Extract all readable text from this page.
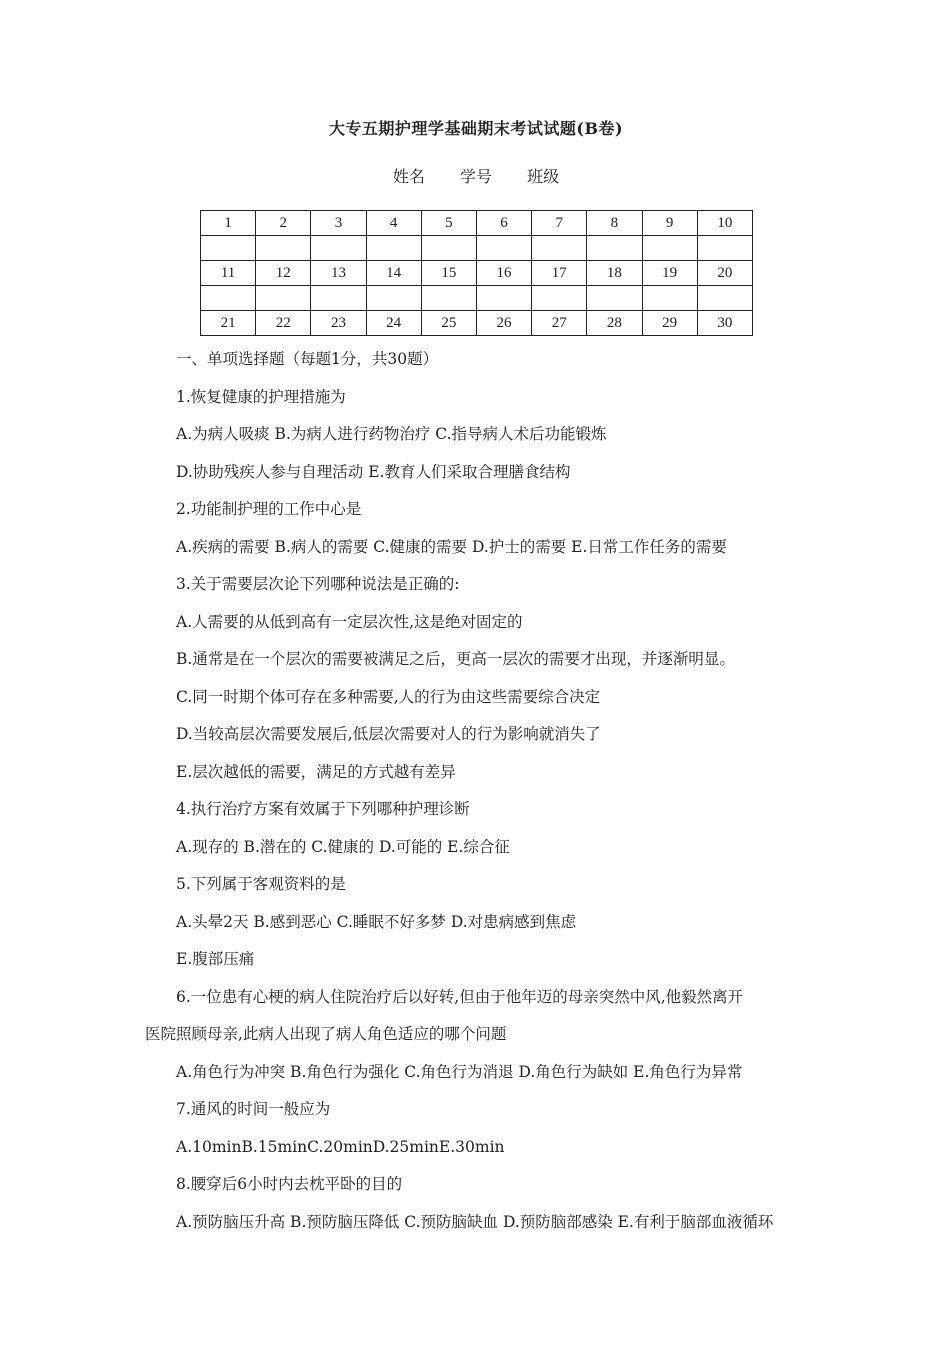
大专五期护理学基础期末考试试题(B卷)
姓名 学号 班级
1	2	3	4	5	6	7	8	9	10

11	12	13	14	15	16	17	18	19	20

21	22	23	24	25	26	27	28	29	30
一、单项选择题（每题1分，共30题）
1.恢复健康的护理措施为
A.为病人吸痰 B.为病人进行药物治疗 C.指导病人术后功能锻炼
D.协助残疾人参与自理活动 E.教育人们采取合理膳食结构
2.功能制护理的工作中心是
A.疾病的需要 B.病人的需要 C.健康的需要 D.护士的需要 E.日常工作任务的需要
3.关于需要层次论下列哪种说法是正确的:
A.人需要的从低到高有一定层次性,这是绝对固定的
B.通常是在一个层次的需要被满足之后，更高一层次的需要才出现，并逐渐明显。
C.同一时期个体可存在多种需要,人的行为由这些需要综合决定
D.当较高层次需要发展后,低层次需要对人的行为影响就消失了
E.层次越低的需要，满足的方式越有差异
4.执行治疗方案有效属于下列哪种护理诊断
A.现存的 B.潜在的 C.健康的 D.可能的 E.综合征
5.下列属于客观资料的是
A.头晕2天 B.感到恶心 C.睡眠不好多梦 D.对患病感到焦虑
E.腹部压痛
6.一位患有心梗的病人住院治疗后以好转,但由于他年迈的母亲突然中风,他毅然离开
医院照顾母亲,此病人出现了病人角色适应的哪个问题
A.角色行为冲突 B.角色行为强化 C.角色行为消退 D.角色行为缺如 E.角色行为异常
7.通风的时间一般应为
A.10minB.15minC.20minD.25minE.30min
8.腰穿后6小时内去枕平卧的目的
A.预防脑压升高 B.预防脑压降低 C.预防脑缺血 D.预防脑部感染 E.有利于脑部血液循环
